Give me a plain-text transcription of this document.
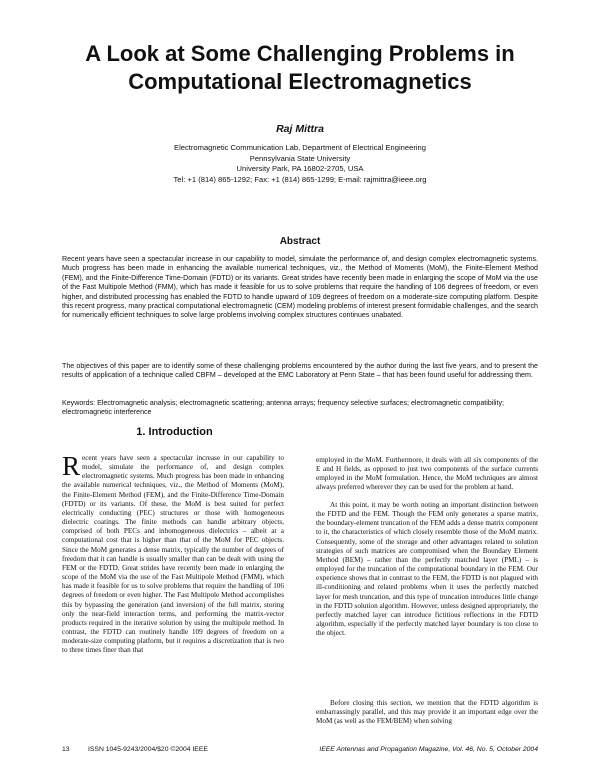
A Look at Some Challenging Problems in
Computational Electromagnetics
Raj Mittra
Electromagnetic Communication Lab, Department of Electrical Engineering
Pennsylvania State University
University Park, PA 16802-2705, USA
Tel: +1 (814) 865-1292; Fax: +1 (814) 865-1299; E-mail: rajmittra@ieee.org
Abstract

Recent years have seen a spectacular increase in our capability to model, simulate the performance of, and design complex electromagnetic systems. Much progress has been made in enhancing the available numerical techniques, viz., the Method of Moments (MoM), the Finite-Element Method (FEM), and the Finite-Difference Time-Domain (FDTD) or its variants. Great strides have recently been made in enlarging the scope of MoM via the use of the Fast Multipole Method (FMM), which has made it feasible for us to solve problems that require the handling of 106 degrees of freedom, or even higher, and distributed processing has enabled the FDTD to handle upward of 109 degrees of freedom on a moderate-size computing platform. Despite this recent progress, many practical computational electromagnetic (CEM) modeling problems of interest present formidable challenges, and the search for numerically efficient techniques to solve large problems involving complex structures continues unabated.

The objectives of this paper are to identify some of these challenging problems encountered by the author during the last five years, and to present the results of application of a technique called CBFM – developed at the EMC Laboratory at Penn State – that has been found useful for addressing them.

Keywords: Electromagnetic analysis; electromagnetic scattering; antenna arrays; frequency selective surfaces; electromagnetic compatibility; electromagnetic interference

1. Introduction

Recent years have seen a spectacular increase in our capability to model, simulate the performance of, and design complex electromagnetic systems. Much progress has been made in enhancing the available numerical techniques, viz., the Method of Moments (MoM), the Finite-Element Method (FEM), and the Finite-Difference Time-Domain (FDTD) or its variants. Of these, the MoM is best suited for perfect electrically conducting (PEC) structures or those with homogeneous dielectric coatings. The finite methods can handle arbitrary objects, comprised of both PECs and inhomogeneous dielectrics – albeit at a computational cost that is higher than that of the MoM for PEC objects. Since the MoM generates a dense matrix, typically the number of degrees of freedom that it can handle is usually smaller than can be dealt with using the FEM or the FDTD. Great strides have recently been made in enlarging the scope of the MoM via the use of the Fast Multipole Method (FMM), which has made it feasible for us to solve problems that require the handling of 106 degrees of freedom or even higher. The Fast Multipole Method accomplishes this by bypassing the generation (and inversion) of the full matrix, storing only the near-field interaction terms, and performing the matrix-vector products required in the iterative solution by using the multipole method. In contrast, the FDTD can routinely handle 109 degrees of freedom on a moderate-size computing platform, but it requires a discretization that is two to three times finer than that

employed in the MoM. Furthermore, it deals with all six components of the E and H fields, as opposed to just two components of the surface currents employed in the MoM formulation. Hence, the MoM techniques are almost always preferred wherever they can be used for the problem at hand.

At this point, it may be worth noting an important distinction between the FDTD and the FEM. Though the FEM only generates a sparse matrix, the boundary-element truncation of the FEM adds a dense matrix component to it, the characteristics of which closely resemble those of the MoM matrix. Consequently, some of the storage and other advantages related to solution strategies of such matrices are compromised when the Boundary Element Method (BEM) – rather than the perfectly matched layer (PML) – is employed for the truncation of the computational boundary in the FEM. Our experience shows that in contrast to the FEM, the FDTD is not plagued with ill-conditioning and related problems when it uses the perfectly matched layer for mesh truncation, and this type of truncation introduces little change in the FDTD solution algorithm. However, unless designed appropriately, the perfectly matched layer can introduce fictitious reflections in the FDTD algorithm, especially if the perfectly matched layer boundary is too close to the object.

Before closing this section, we mention that the FDTD algorithm is embarrassingly parallel, and this may provide it an important edge over the MoM (as well as the FEM/BEM) when solving

13	ISSN 1045-9243/2004/$20 ©2004 IEEE	IEEE Antennas and Propagation Magazine, Vol. 46, No. 5, October 2004
